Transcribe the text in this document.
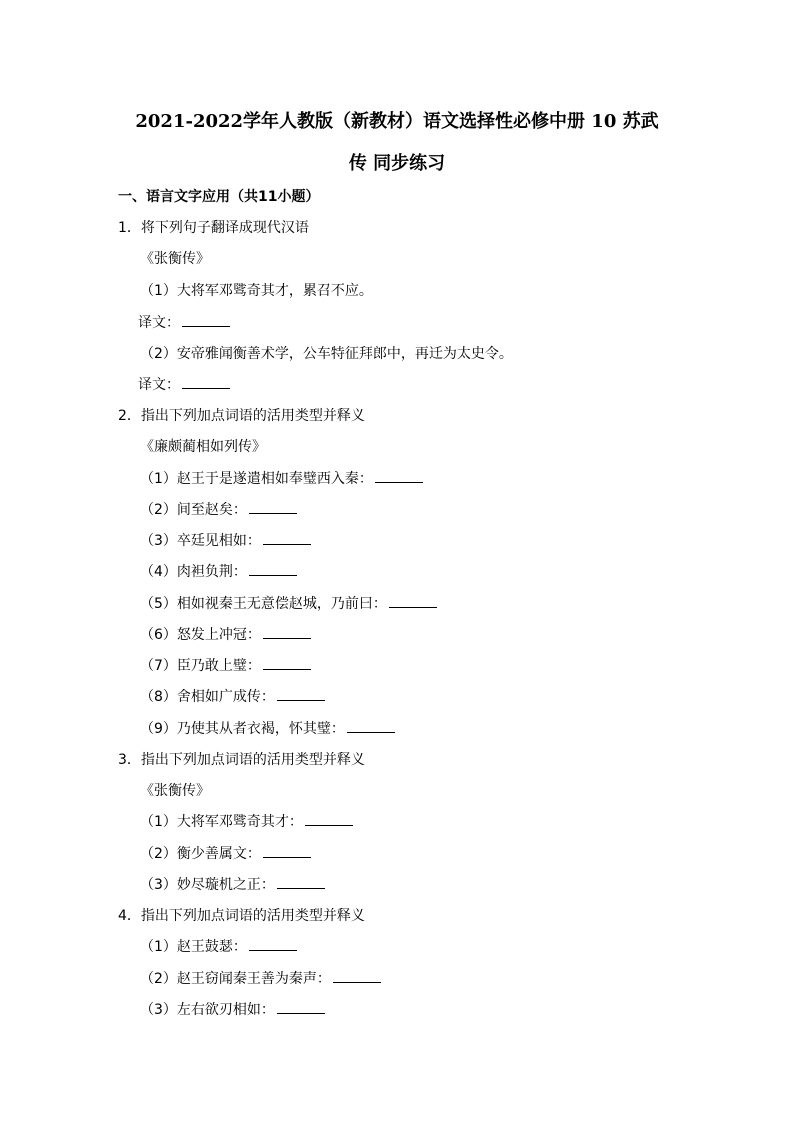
2021-2022学年人教版（新教材）语文选择性必修中册 10 苏武
传 同步练习
一、语言文字应用（共11小题）
1．将下列句子翻译成现代汉语
《张衡传》
（1）大将军邓骘奇其才，累召不应。
译文：
（2）安帝雅闻衡善术学，公车特征拜郎中，再迁为太史令。
译文：
2．指出下列加点词语的活用类型并释义
《廉颇蔺相如列传》
（1）赵王于是遂遣相如奉璧西入秦：
（2）间至赵矣：
（3）卒廷见相如：
（4）肉袒负荆：
（5）相如视秦王无意偿赵城，乃前曰：
（6）怒发上冲冠：
（7）臣乃敢上璧：
（8）舍相如广成传：
（9）乃使其从者衣褐，怀其璧：
3．指出下列加点词语的活用类型并释义
《张衡传》
（1）大将军邓骘奇其才：
（2）衡少善属文：
（3）妙尽璇机之正：
4．指出下列加点词语的活用类型并释义
（1）赵王鼓瑟：
（2）赵王窃闻秦王善为秦声：
（3）左右欲刃相如：
